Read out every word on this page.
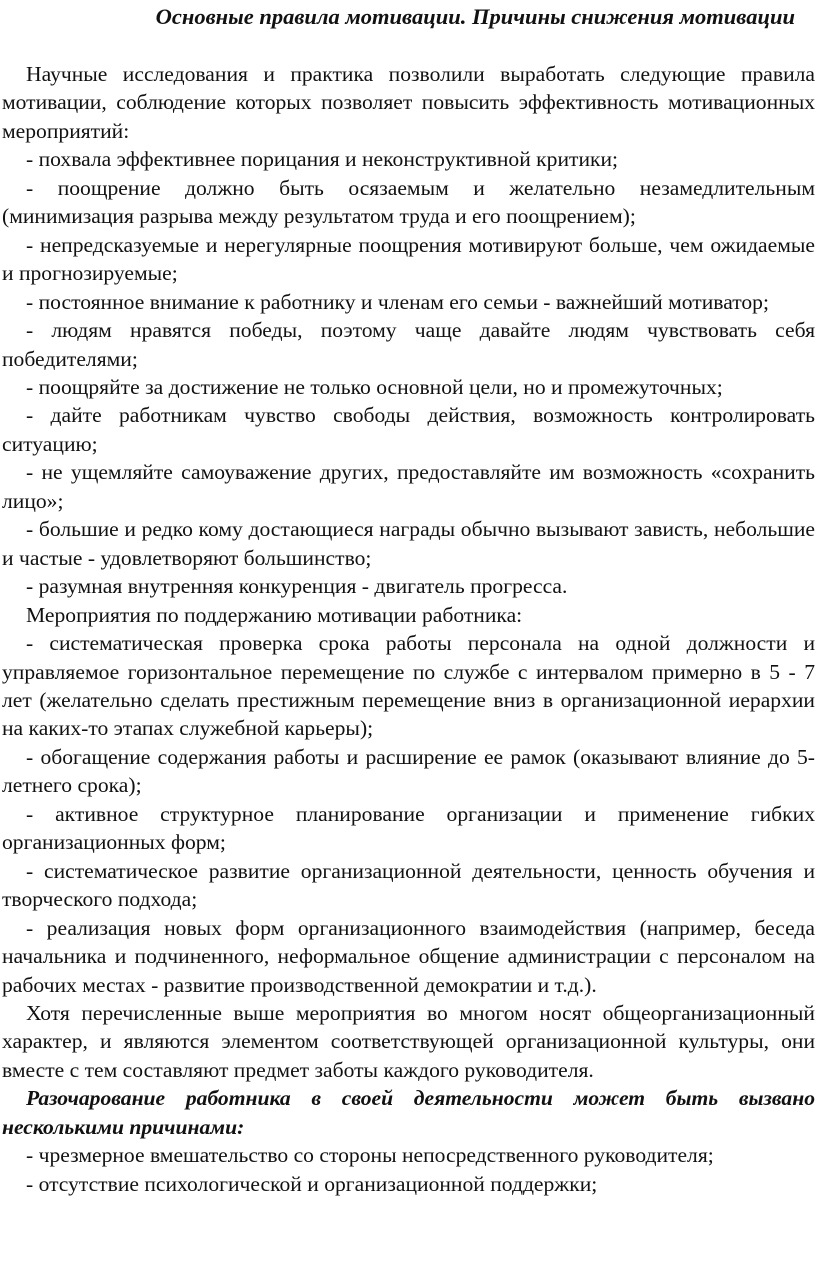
Основные правила мотивации. Причины снижения мотивации

Научные исследования и практика позволили выработать следующие правила мотивации, соблюдение которых позволяет повысить эффективность мотивационных мероприятий:

- похвала эффективнее порицания и неконструктивной критики;

- поощрение должно быть осязаемым и желательно незамедлительным (минимизация разрыва между результатом труда и его поощрением);

- непредсказуемые и нерегулярные поощрения мотивируют больше, чем ожидаемые и прогнозируемые;

- постоянное внимание к работнику и членам его семьи - важнейший мотиватор;

- людям нравятся победы, поэтому чаще давайте людям чувствовать себя победителями;

- поощряйте за достижение не только основной цели, но и промежуточных;

- дайте работникам чувство свободы действия, возможность контролировать ситуацию;

- не ущемляйте самоуважение других, предоставляйте им возможность «сохранить лицо»;

- большие и редко кому достающиеся награды обычно вызывают зависть, небольшие и частые - удовлетворяют большинство;

- разумная внутренняя конкуренция - двигатель прогресса.

Мероприятия по поддержанию мотивации работника:

- систематическая проверка срока работы персонала на одной должности и управляемое горизонтальное перемещение по службе с интервалом примерно в 5 - 7 лет (желательно сделать престижным перемещение вниз в организационной иерархии на каких-то этапах служебной карьеры);

- обогащение содержания работы и расширение ее рамок (оказывают влияние до 5-летнего срока);

- активное структурное планирование организации и применение гибких организационных форм;

- систематическое развитие организационной деятельности, ценность обучения и творческого подхода;

- реализация новых форм организационного взаимодействия (например, беседа начальника и подчиненного, неформальное общение администрации с персоналом на рабочих местах - развитие производственной демократии и т.д.).

Хотя перечисленные выше мероприятия во многом носят общеорганизационный характер, и являются элементом соответствующей организационной культуры, они вместе с тем составляют предмет заботы каждого руководителя.

Разочарование работника в своей деятельности может быть вызвано несколькими причинами:

- чрезмерное вмешательство со стороны непосредственного руководителя;

- отсутствие психологической и организационной поддержки;
